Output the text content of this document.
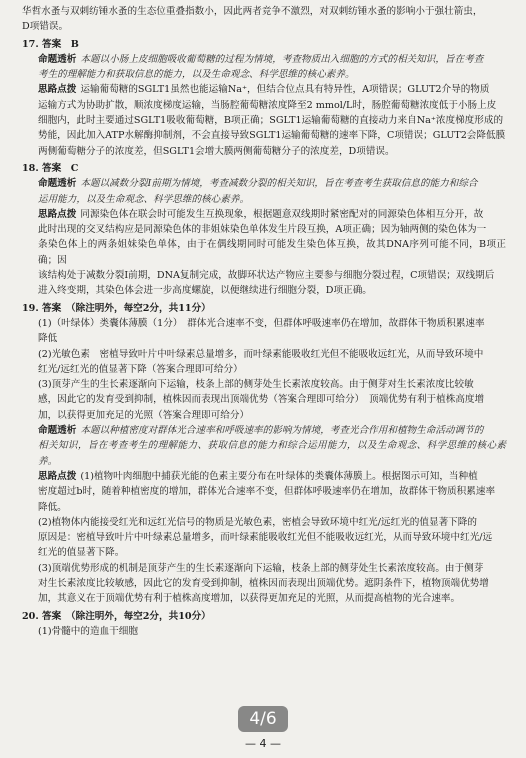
华哲水蚤与双刺纺锤水蚤的生态位重叠指数小，因此两者竞争不激烈，对双刺纺锤水蚤的影响小于强壮箭虫，

D项错误。

17. 答案　B

命题透析 本题以小肠上皮细胞吸收葡萄糖的过程为情境，考查物质出入细胞的方式的相关知识，旨在考查

考生的理解能力和获取信息的能力，以及生命观念、科学思维的核心素养。

思路点拨 运输葡萄糖的SGLT1虽然也能运输Na⁺，但结合位点具有特异性，A项错误；GLUT2介导的物质

运输方式为协助扩散，顺浓度梯度运输，当肠腔葡萄糖浓度降至2 mmol/L时，肠腔葡萄糖浓度低于小肠上皮

细胞内，此时主要通过SGLT1吸收葡萄糖，B项正确；SGLT1运输葡萄糖的直接动力来自Na⁺浓度梯度形成的

势能，因此加入ATP水解酶抑制剂，不会直接导致SGLT1运输葡萄糖的速率下降，C项错误；GLUT2会降低膜

两侧葡萄糖分子的浓度差，但SGLT1会增大膜两侧葡萄糖分子的浓度差，D项错误。

18. 答案　C

命题透析 本题以减数分裂Ⅰ前期为情境，考查减数分裂的相关知识，旨在考查考生获取信息的能力和综合

运用能力，以及生命观念、科学思维的核心素养。

思路点拨 同源染色体在联会时可能发生互换现象，根据题意双线期时紧密配对的同源染色体相互分开，故

此时出现的交叉结构应是同源染色体的非姐妹染色单体发生片段互换，A项正确；因为轴两侧的染色体为一

条染色体上的两条姐妹染色单体，由于在偶线期同时可能发生染色体互换，故其DNA序列可能不同，B项正确；因

该结构处于减数分裂Ⅰ前期，DNA复制完成，故脚环状达产物应主要参与细胞分裂过程，C项错误；双线期后

进入终变期，其染色体会进一步高度螺旋，以便继续进行细胞分裂，D项正确。

19. 答案　（除注明外，每空2分，共11分）

(1)（叶绿体）类囊体薄膜（1分）　群体光合速率不变，但群体呼吸速率仍在增加，故群体干物质积累速率

降低

(2)光敏色素　密植导致叶片中叶绿素总量增多，而叶绿素能吸收红光但不能吸收远红光，从而导致环境中

红光/远红光的值显著下降（答案合理即可给分）

(3)顶芽产生的生长素逐渐向下运输，枝条上部的侧芽处生长素浓度较高。由于侧芽对生长素浓度比较敏

感，因此它的发育受到抑制，植株因而表现出顶端优势（答案合理即可给分）　顶端优势有利于植株高度增

加，以获得更加充足的光照（答案合理即可给分）

命题透析 本题以种植密度对群体光合速率和呼吸速率的影响为情境，考查光合作用和植物生命活动调节的

相关知识，旨在考查考生的理解能力、获取信息的能力和综合运用能力，以及生命观念、科学思维的核心素养。

思路点拨 (1)植物叶肉细胞中捕获光能的色素主要分布在叶绿体的类囊体薄膜上。根据图示可知，当种植

密度超过b时，随着种植密度的增加，群体光合速率不变，但群体呼吸速率仍在增加，故群体干物质积累速率

降低。

(2)植物体内能接受红光和远红光信号的物质是光敏色素，密植会导致环境中红光/远红光的值显著下降的

原因是：密植导致叶片中叶绿素总量增多，而叶绿素能吸收红光但不能吸收远红光，从而导致环境中红光/远

红光的值显著下降。

(3)顶端优势形成的机制是顶芽产生的生长素逐渐向下运输，枝条上部的侧芽处生长素浓度较高。由于侧芽

对生长素浓度比较敏感，因此它的发育受到抑制，植株因而表现出顶端优势。遮阴条件下，植物顶端优势增

加，其意义在于顶端优势有利于植株高度增加，以获得更加充足的光照，从而提高植物的光合速率。

20. 答案　（除注明外，每空2分，共10分）

(1)骨髓中的造血干细胞

4/6
— 4 —
